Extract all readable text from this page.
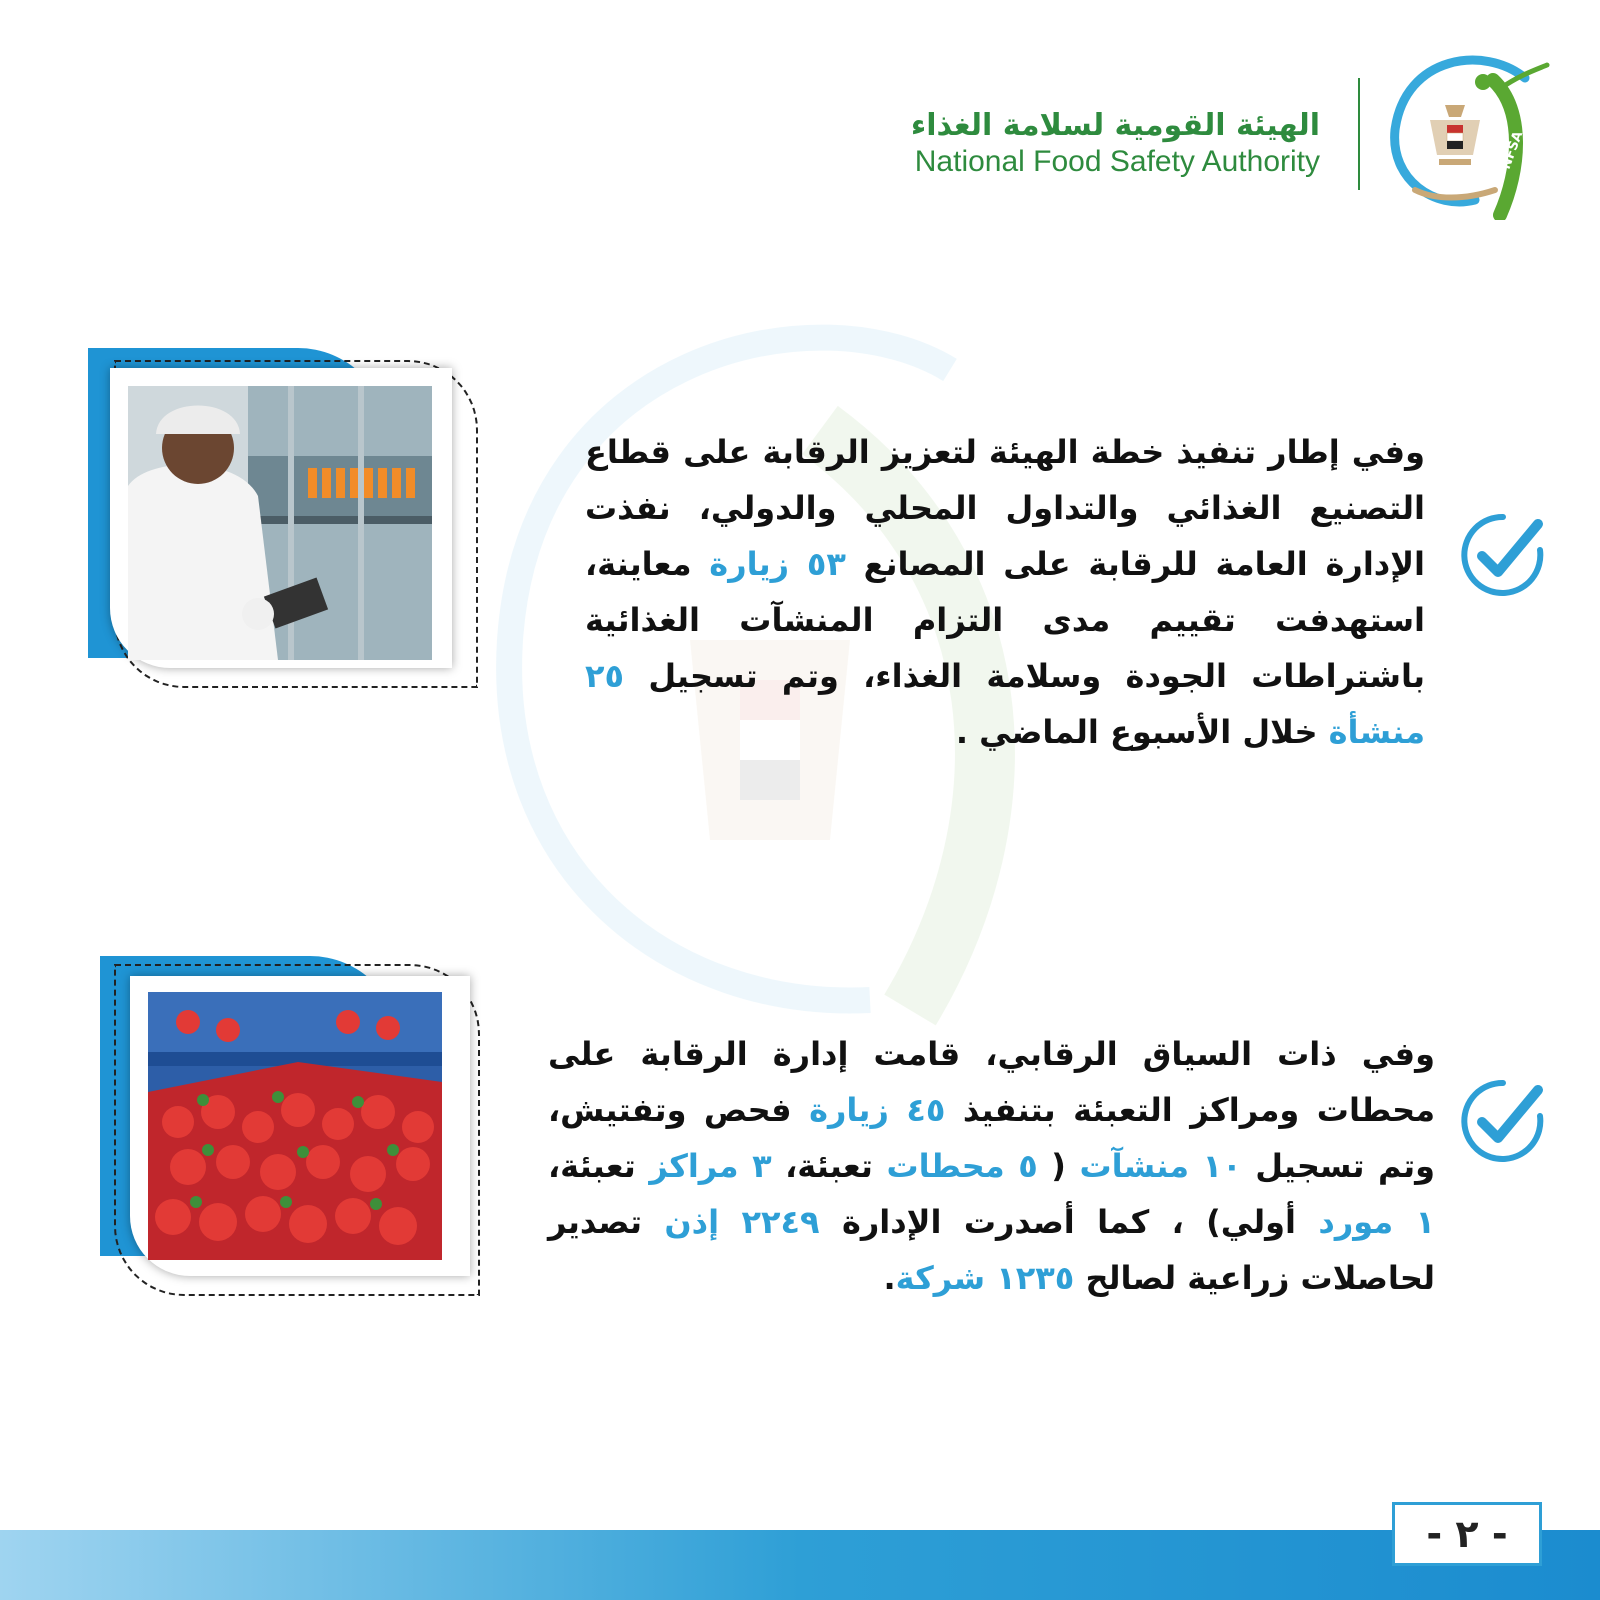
الهيئة القومية لسلامة الغذاء
National Food Safety Authority	NFSA

وفي إطار تنفيذ خطة الهيئة لتعزيز الرقابة على قطاع التصنيع الغذائي والتداول المحلي والدولي، نفذت الإدارة العامة للرقابة على المصانع ٥٣ زيارة معاينة، استهدفت تقييم مدى التزام المنشآت الغذائية باشتراطات الجودة وسلامة الغذاء، وتم تسجيل ٢٥ منشأة خلال الأسبوع الماضي .

وفي ذات السياق الرقابي، قامت إدارة الرقابة على محطات ومراكز التعبئة بتنفيذ ٤٥ زيارة فحص وتفتيش، وتم تسجيل ١٠ منشآت ( ٥ محطات تعبئة، ٣ مراكز تعبئة، ١ مورد أولي) ، كما أصدرت الإدارة ٢٢٤٩ إذن تصدير لحاصلات زراعية لصالح ١٢٣٥ شركة.

- ٢ -
